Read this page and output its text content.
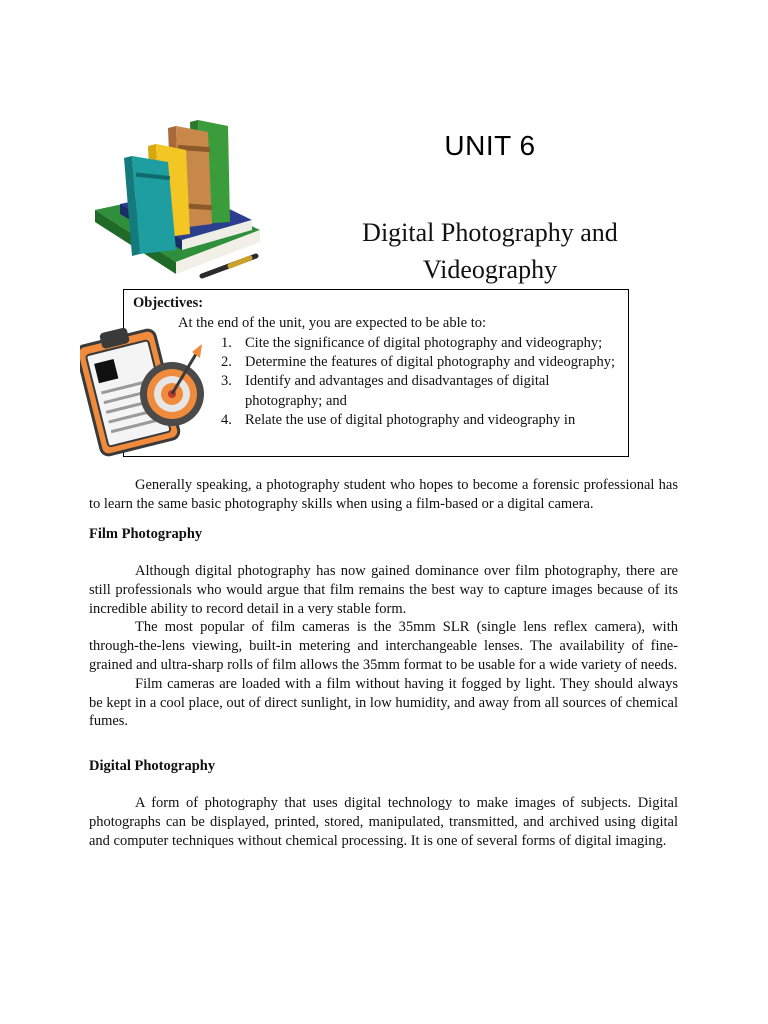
UNIT 6
Digital Photography and
Videography
Objectives:
At the end of the unit, you are expected to be able to:
1. Cite the significance of digital photography and videography;
2. Determine the features of digital photography and videography;
3. Identify and advantages and disadvantages of digital photography; and
4. Relate the use of digital photography and videography in

Generally speaking, a photography student who hopes to become a forensic professional has to learn the same basic photography skills when using a film-based or a digital camera.

Film Photography

Although digital photography has now gained dominance over film photography, there are still professionals who would argue that film remains the best way to capture images because of its incredible ability to record detail in a very stable form.

The most popular of film cameras is the 35mm SLR (single lens reflex camera), with through-the-lens viewing, built-in metering and interchangeable lenses. The availability of fine-grained and ultra-sharp rolls of film allows the 35mm format to be usable for a wide variety of needs.

Film cameras are loaded with a film without having it fogged by light. They should always be kept in a cool place, out of direct sunlight, in low humidity, and away from all sources of chemical fumes.

Digital Photography

A form of photography that uses digital technology to make images of subjects. Digital photographs can be displayed, printed, stored, manipulated, transmitted, and archived using digital and computer techniques without chemical processing. It is one of several forms of digital imaging.
